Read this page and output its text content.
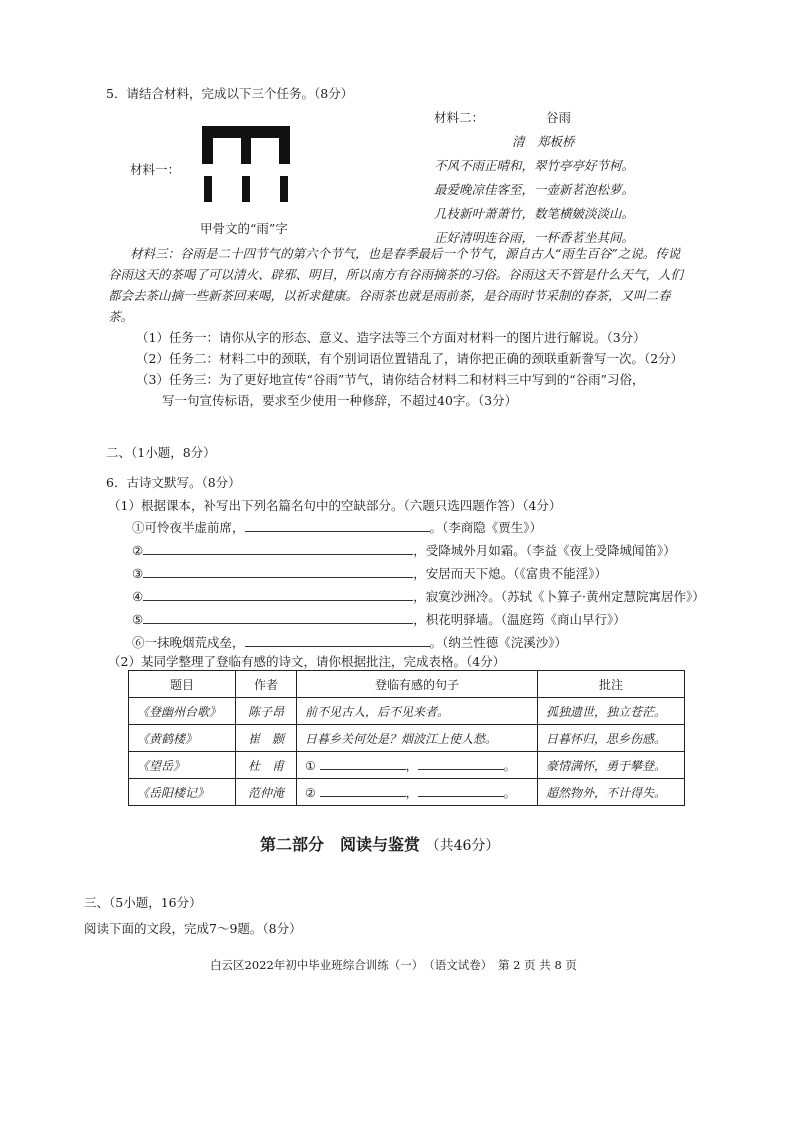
5．请结合材料，完成以下三个任务。（8分）
材料一：
甲骨文的“雨”字
材料二：	谷雨
清　郑板桥
不风不雨正晴和，翠竹亭亭好节柯。
最爱晚凉佳客至，一壶新茗泡松萝。
几枝新叶萧萧竹，数笔横皴淡淡山。
正好清明连谷雨，一杯香茗坐其间。
材料三：谷雨是二十四节气的第六个节气，也是春季最后一个节气，源自古人“雨生百谷”之说。传说谷雨这天的茶喝了可以清火、辟邪、明目，所以南方有谷雨摘茶的习俗。谷雨这天不管是什么天气，人们都会去茶山摘一些新茶回来喝，以祈求健康。谷雨茶也就是雨前茶，是谷雨时节采制的春茶，又叫二春茶。
（1）任务一：请你从字的形态、意义、造字法等三个方面对材料一的图片进行解说。（3分）
（2）任务二：材料二中的颈联，有个别词语位置错乱了，请你把正确的颈联重新誊写一次。（2分）
（3）任务三：为了更好地宣传“谷雨”节气，请你结合材料二和材料三中写到的“谷雨”习俗，
写一句宣传标语，要求至少使用一种修辞，不超过40字。（3分）
二、（1小题，8分）
6．古诗文默写。（8分）
（1）根据课本，补写出下列名篇名句中的空缺部分。（六题只选四题作答）（4分）
①可怜夜半虚前席，	。（李商隐《贾生》）
②	，受降城外月如霜。（李益《夜上受降城闻笛》）
③	，安居而天下熄。（《富贵不能淫》）
④	，寂寞沙洲冷。（苏轼《卜算子·黄州定慧院寓居作》）
⑤	，枳花明驿墙。（温庭筠《商山早行》）
⑥一抹晚烟荒戍垒，	。（纳兰性德《浣溪沙》）
（2）某同学整理了登临有感的诗文，请你根据批注，完成表格。（4分）
题目	作者	登临有感的句子	批注
《登幽州台歌》	陈子昂	前不见古人，后不见来者。	孤独遗世，独立苍茫。
《黄鹤楼》	崔　颢	日暮乡关何处是？烟波江上使人愁。	日暮怀归，思乡伤感。
《望岳》	杜　甫	① ， 。	豪情满怀，勇于攀登。
《岳阳楼记》	范仲淹	② ， 。	超然物外，不计得失。
第二部分　阅读与鉴赏 （共46分）
三、（5小题，16分）
阅读下面的文段，完成7～9题。（8分）
白云区2022年初中毕业班综合训练（一）　（语文试卷）　第 2 页 共 8 页
